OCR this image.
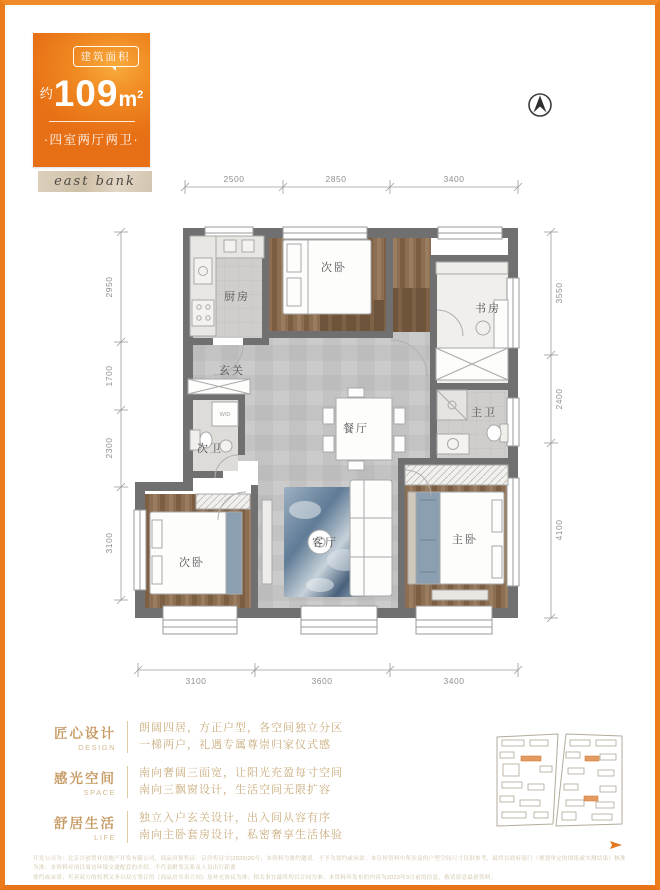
建筑面积
$^约109m^2$
·四室两厅两卫·
east bank
厨房
次卧
书房
玄关
餐厅
主卫
次卫
次卧
客厅	主卧
W/D
2500	2850	3400
3100	3600	3400
2950
1700
2300
3100
3550
2400
4100
匠心设计
DESIGN
朗阔四居，方正户型，各空间独立分区
一梯两户，礼遇专属尊崇归家仪式感
感光空间
SPACE
南向奢阔三面宽，让阳光充盈每寸空间
南向三飘窗设计，生活空间无限扩容
舒居生活
LIFE
独立入户玄关设计，出入间从容有序
南向主卧套房设计，私密奢享生活体验
开发公司为：北京兴创置业房地产开发有限公司，商品房预售证：京房售证字(2020)20号；本资料为要约邀请，不予为要约或承诺；本宣传资料中所涉及的户型空间尺寸仅供参考，最终以政府部门（规划审定的图纸或实测结果）核准为准；本资料对项目周边环境交通配套的介绍，不代表毗邻关系及人员出行距离
要约或承诺；买卖双方的权利义务以双方签订的《商品房买卖合同》及补充协议为准；相关事宜最终均以合同为准；本资料所发布的内容为2022年3月前的信息，敬请留意最新资料。
